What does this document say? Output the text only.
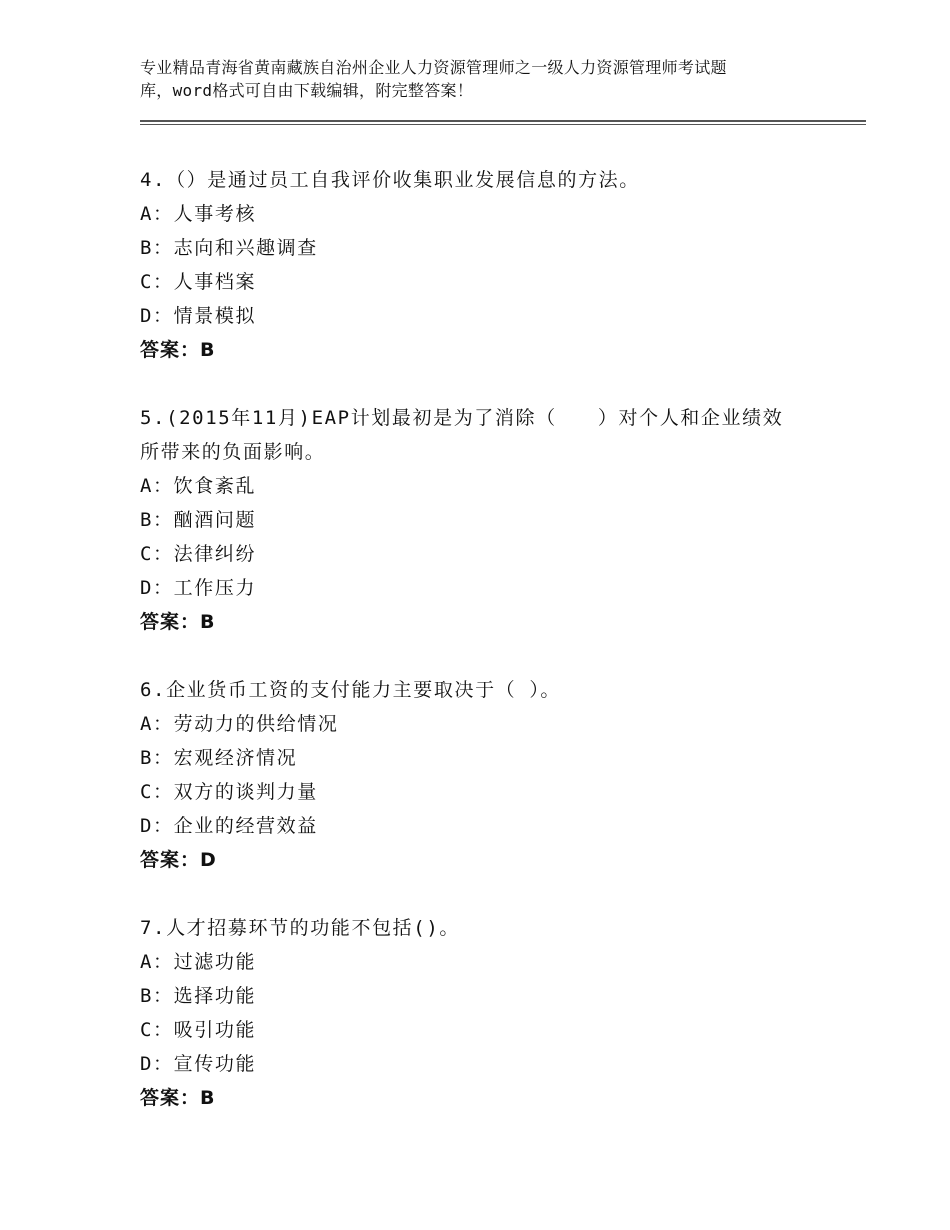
专业精品青海省黄南藏族自治州企业人力资源管理师之一级人力资源管理师考试题
库，word格式可自由下载编辑，附完整答案！
4.（）是通过员工自我评价收集职业发展信息的方法。
A：人事考核
B：志向和兴趣调查
C：人事档案
D：情景模拟
答案：B
5.(2015年11月)EAP计划最初是为了消除（　　）对个人和企业绩效
所带来的负面影响。
A：饮食紊乱
B：酗酒问题
C：法律纠纷
D：工作压力
答案：B
6.企业货币工资的支付能力主要取决于（ ）。
A：劳动力的供给情况
B：宏观经济情况
C：双方的谈判力量
D：企业的经营效益
答案：D
7.人才招募环节的功能不包括()。
A：过滤功能
B：选择功能
C：吸引功能
D：宣传功能
答案：B
